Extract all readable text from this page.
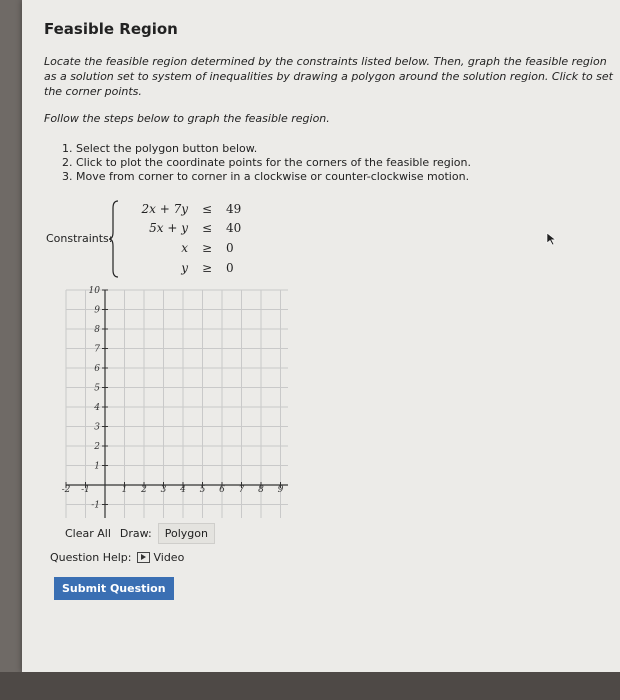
Feasible Region
Locate the feasible region determined by the constraints listed below. Then, graph the feasible region as a solution set to system of inequalities by drawing a polygon around the solution region. Click to set the corner points.
Follow the steps below to graph the feasible region.
1. Select the polygon button below.
2. Click to plot the coordinate points for the corners of the feasible region.
3. Move from corner to corner in a clockwise or counter-clockwise motion.
Constraints:
2x + 7y ≤ 49
5x + y ≤ 40
x ≥ 0
y ≥ 0
-2 -1	1 2 3 4 5 6 7 8 9
10
9
8
7
6
5
4
3
2
1
-1
Clear All Draw:	Polygon
Question Help: Video
Submit Question
